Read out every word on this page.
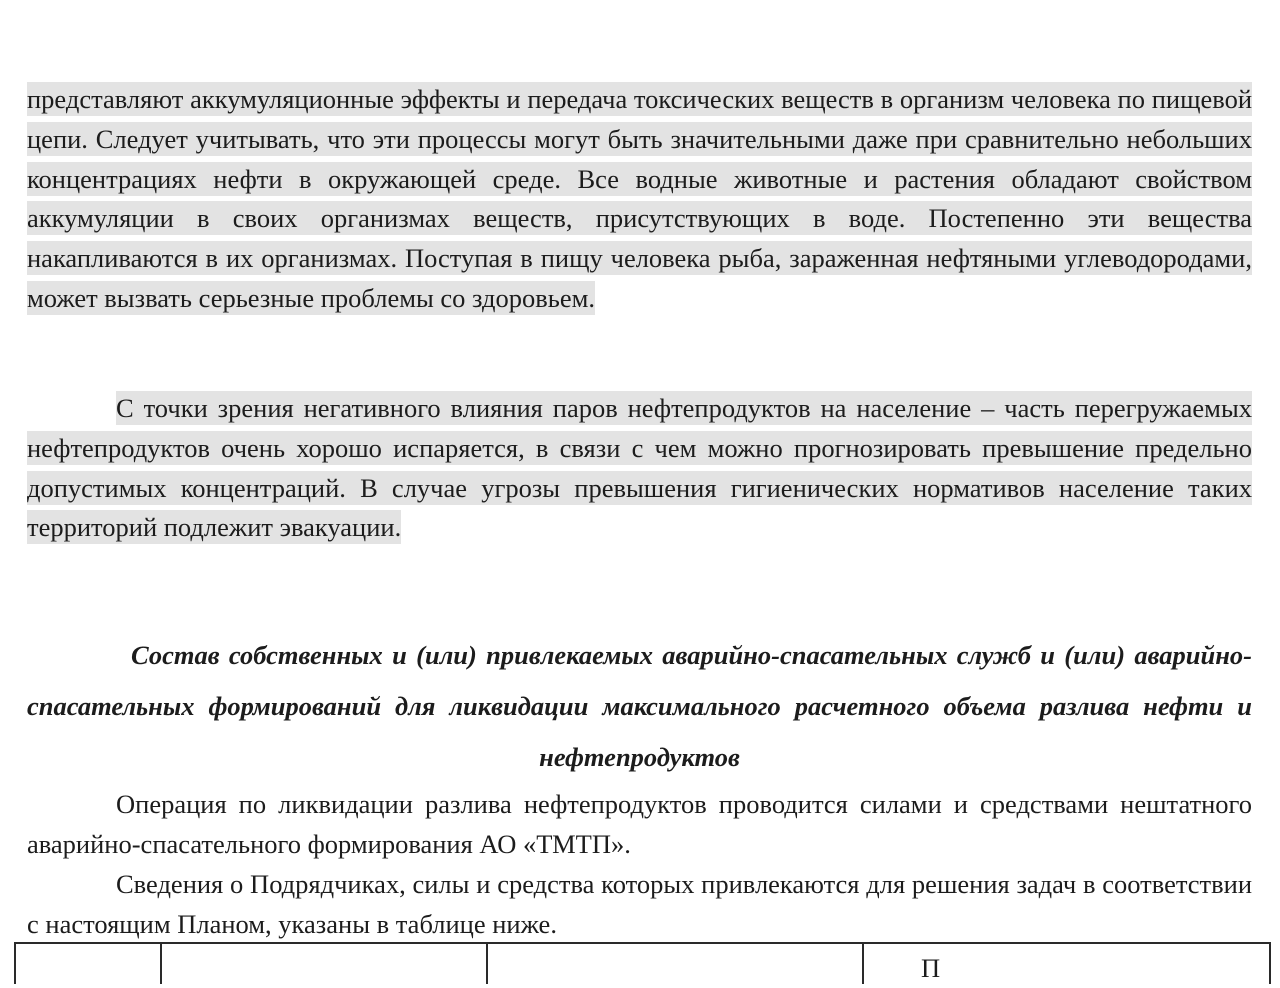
представляют аккумуляционные эффекты и передача токсических веществ в организм человека по пищевой цепи. Следует учитывать, что эти процессы могут быть значительными даже при сравнительно небольших концентрациях нефти в окружающей среде. Все водные животные и растения обладают свойством аккумуляции в своих организмах веществ, присутствующих в воде. Постепенно эти вещества накапливаются в их организмах. Поступая в пищу человека рыба, зараженная нефтяными углеводородами, может вызвать серьезные проблемы со здоровьем.

С точки зрения негативного влияния паров нефтепродуктов на население – часть перегружаемых нефтепродуктов очень хорошо испаряется, в связи с чем можно прогнозировать превышение предельно допустимых концентраций. В случае угрозы превышения гигиенических нормативов население таких территорий подлежит эвакуации.

Состав собственных и (или) привлекаемых аварийно-спасательных служб и (или) аварийно-спасательных формирований для ликвидации максимального расчетного объема разлива нефти и нефтепродуктов

Операция по ликвидации разлива нефтепродуктов проводится силами и средствами нештатного аварийно-спасательного формирования АО «ТМТП».

Сведения о Подрядчиках, силы и средства которых привлекаются для решения задач в соответствии с настоящим Планом, указаны в таблице ниже.

П
